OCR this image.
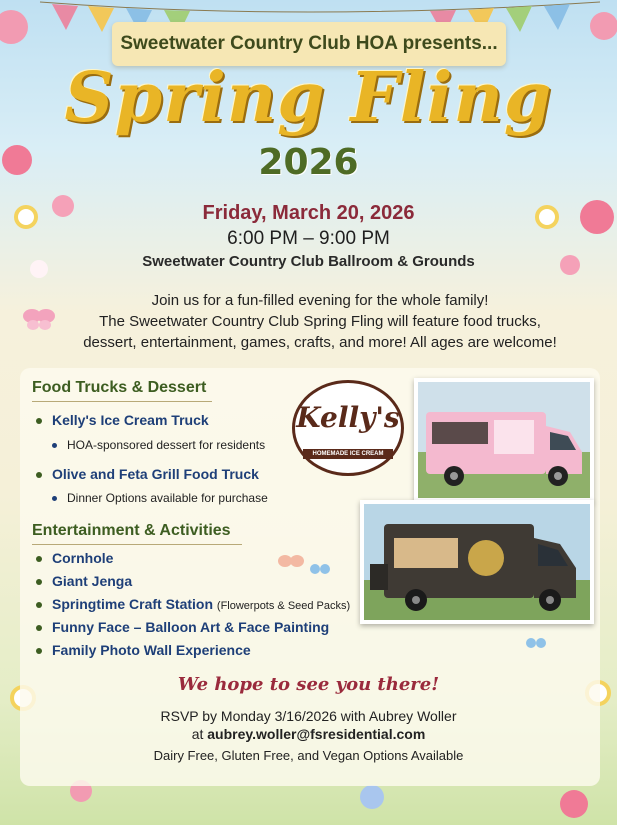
Sweetwater Country Club HOA presents...
Spring Fling
2026
Friday, March 20, 2026
6:00 PM – 9:00 PM
Sweetwater Country Club Ballroom & Grounds
Join us for a fun-filled evening for the whole family!
The Sweetwater Country Club Spring Fling will feature food trucks,
dessert, entertainment, games, crafts, and more! All ages are welcome!
Food Trucks & Dessert
Kelly's Ice Cream Truck
HOA-sponsored dessert for residents
Olive and Feta Grill Food Truck
Dinner Options available for purchase
Kelly's
HOMEMADE ICE CREAM
Entertainment & Activities
Cornhole
Giant Jenga
Springtime Craft Station (Flowerpots & Seed Packs)
Funny Face – Balloon Art & Face Painting
Family Photo Wall Experience
We hope to see you there!
RSVP by Monday 3/16/2026 with Aubrey Woller
at aubrey.woller@fsresidential.com
Dairy Free, Gluten Free, and Vegan Options Available
